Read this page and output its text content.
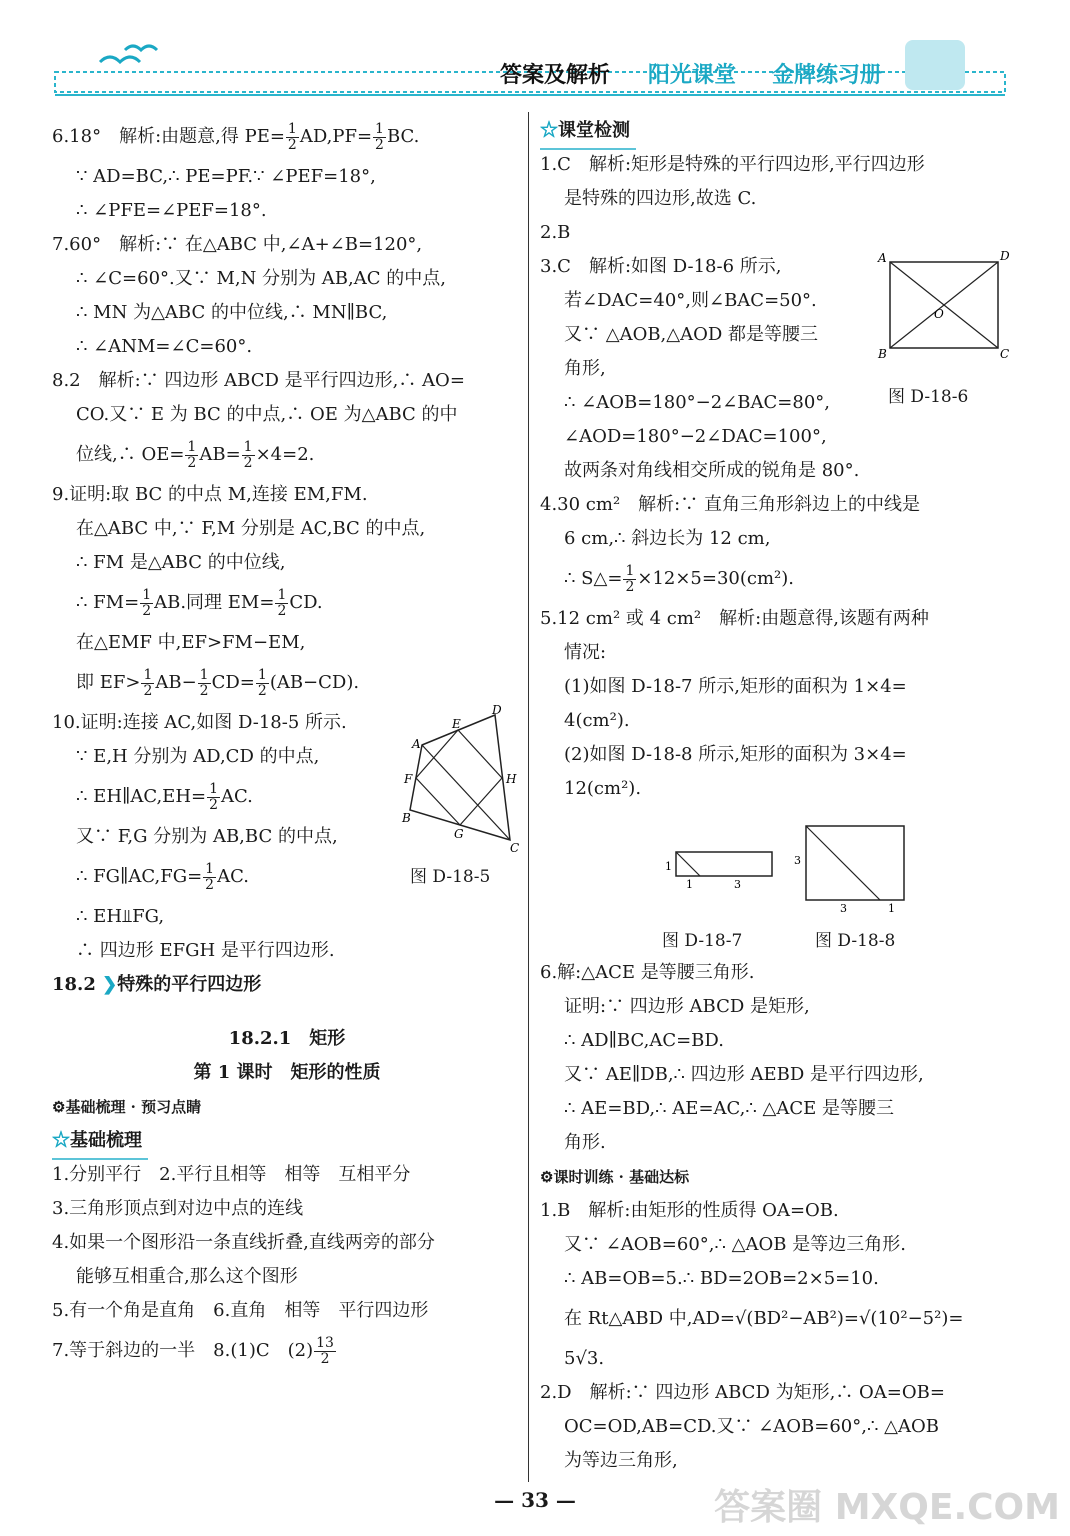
答案及解析 阳光课堂 金牌练习册
6.18°　解析:由题意,得 $PE= \frac{1}{2} AD,PF= \frac{1}{2}$ BC.
∵ AD=BC,∴ PE=PF.∵ ∠PEF=18°,
∴ ∠PFE=∠PEF=18°.
7.60°　解析:∵ 在△ABC 中,∠A+∠B=120°,
∴ ∠C=60°.又∵ M,N 分别为 AB,AC 的中点,
∴ MN 为△ABC 的中位线,∴ MN∥BC,
∴ ∠ANM=∠C=60°.
8.2　解析:∵ 四边形 ABCD 是平行四边形,∴ AO=
CO.又∵ E 为 BC 的中点,∴ OE 为△ABC 的中
位线,∴ $OE= \frac{1}{2} AB= \frac{1}{2} \times 4=2$.
9.证明:取 BC 的中点 M,连接 EM,FM.
在△ABC 中,∵ F,M 分别是 AC,BC 的中点,
∴ FM 是△ABC 的中位线,
∴ $FM= \frac{1}{2}$ AB.同理 $EM= \frac{1}{2}$ CD.
在△EMF 中,EF>FM−EM,
即 $EF> \frac{1}{2} AB- \frac{1}{2} CD= \frac{1}{2} (AB-CD)$.
10.证明:连接 AC,如图 D-18-5 所示.
∵ E,H 分别为 AD,CD 的中点,
∴ EH∥AC,EH= $\frac{1}{2}$ AC.
又∵ F,G 分别为 AB,BC 的中点,
∴ FG∥AC,FG= $\frac{1}{2}$ AC.
∴ EH⫫FG,
∴ 四边形 EFGH 是平行四边形.
18.2 ❯特殊的平行四边形
18.2.1　矩形
第 1 课时　矩形的性质
⚙基础梳理 · 预习点睛
☆基础梳理
1.分别平行　2.平行且相等　相等　互相平分
3.三角形顶点到对边中点的连线
4.如果一个图形沿一条直线折叠,直线两旁的部分
能够互相重合,那么这个图形
5.有一个角是直角　6.直角　相等　平行四边形
7.等于斜边的一半　8.(1)C　$(2) \frac{13}{2}$
A
D
E
F	H
B
G
C
图 D-18-5
☆课堂检测
1.C　解析:矩形是特殊的平行四边形,平行四边形
是特殊的四边形,故选 C.
2.B
3.C　解析:如图 D-18-6 所示,
若∠DAC=40°,则∠BAC=50°.
又∵ △AOB,△AOD 都是等腰三
角形,
∴ ∠AOB=180°−2∠BAC=80°,
∠AOD=180°−2∠DAC=100°,
故两条对角线相交所成的锐角是 80°.
4.30 cm²　解析:∵ 直角三角形斜边上的中线是
6 cm,∴ 斜边长为 12 cm,
∴ S△= $\frac{1}{2} \times 12\times 5=30(cm^2)$.
5.12 cm² 或 4 cm²　解析:由题意得,该题有两种
情况:
(1)如图 D-18-7 所示,矩形的面积为 1×4=
4(cm²).
(2)如图 D-18-8 所示,矩形的面积为 3×4=
12(cm²).
6.解:△ACE 是等腰三角形.
证明:∵ 四边形 ABCD 是矩形,
∴ AD∥BC,AC=BD.
又∵ AE∥DB,∴ 四边形 AEBD 是平行四边形,
∴ AE=BD,∴ AE=AC,∴ △ACE 是等腰三
角形.
⚙课时训练 · 基础达标
1.B　解析:由矩形的性质得 OA=OB.
又∵ ∠AOB=60°,∴ △AOB 是等边三角形.
∴ AB=OB=5.∴ BD=2OB=2×5=10.
在 Rt△ABD 中,AD=√(BD²−AB²)=√(10²−5²)=
5√3.
2.D　解析:∵ 四边形 ABCD 为矩形,∴ OA=OB=
OC=OD,AB=CD.又∵ ∠AOB=60°,∴ △AOB
为等边三角形,
A	D
B	C
O
图 D-18-6
1
1	3
图 D-18-7
3
3	1
图 D-18-8
— 33 —	答案圈 MXQE.COM
